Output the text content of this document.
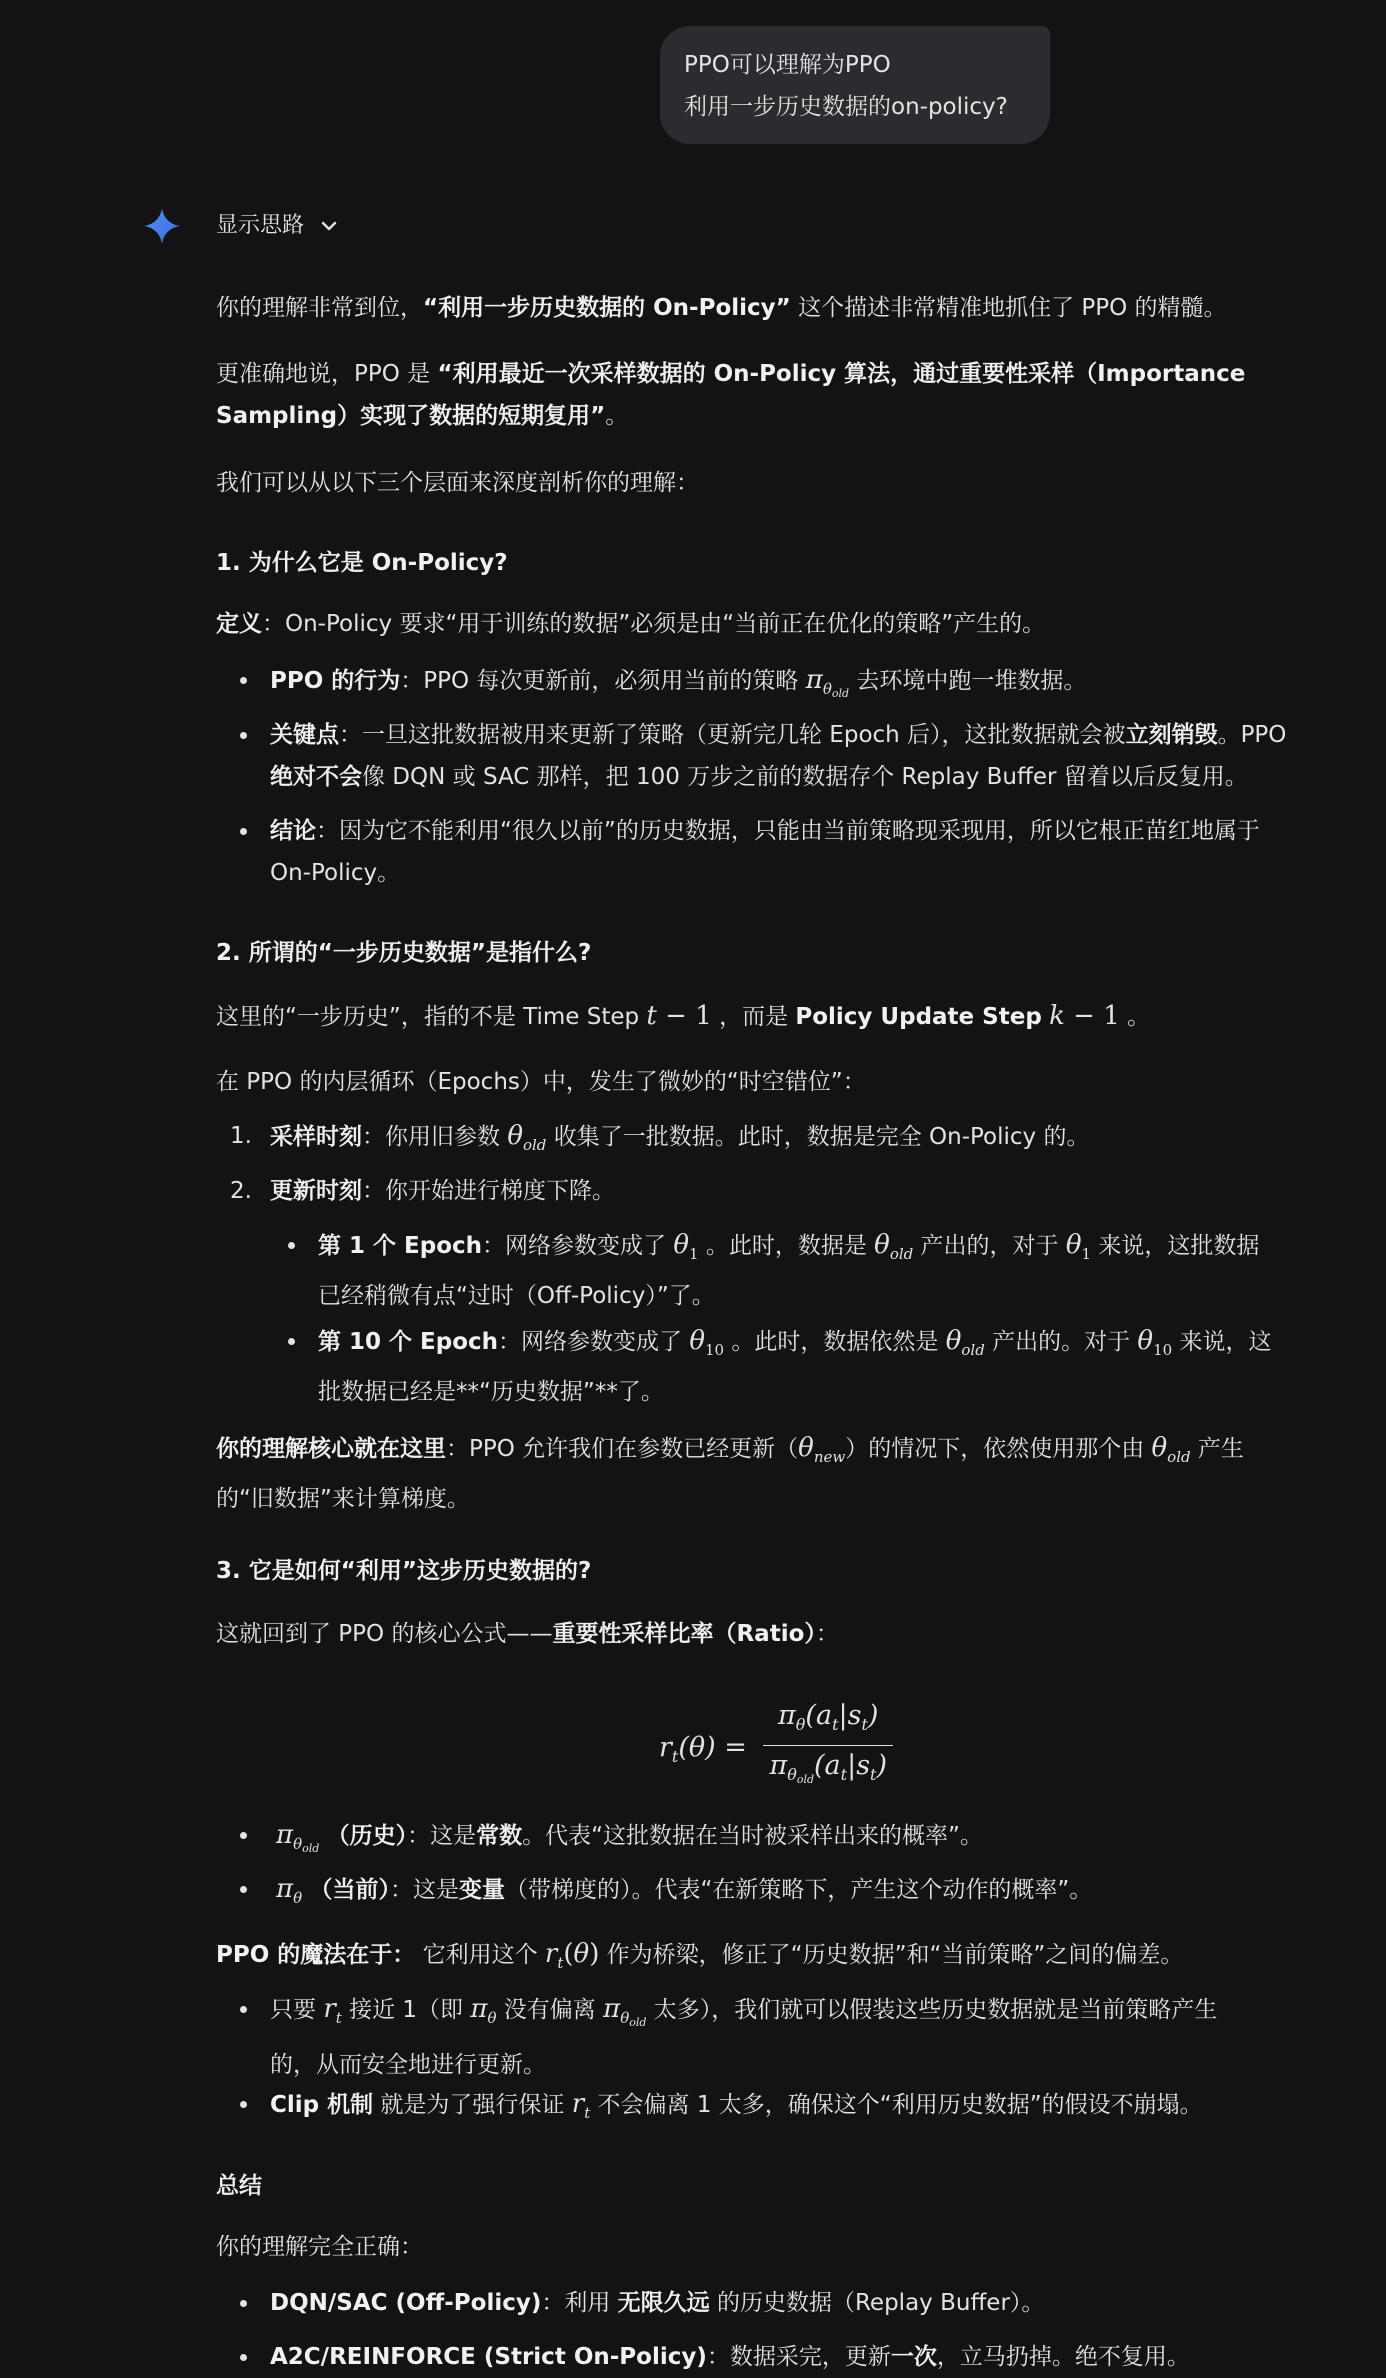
PPO可以理解为PPO
利用一步历史数据的on-policy?
显示思路
你的理解非常到位，“利用一步历史数据的 On-Policy” 这个描述非常精准地抓住了 PPO 的精髓。
更准确地说，PPO 是 “利用最近一次采样数据的 On-Policy 算法，通过重要性采样（Importance
Sampling）实现了数据的短期复用”。
我们可以从以下三个层面来深度剖析你的理解：
1. 为什么它是 On-Policy?
定义：On-Policy 要求“用于训练的数据”必须是由“当前正在优化的策略”产生的。
PPO 的行为：PPO 每次更新前，必须用当前的策略 $\pi_{\theta_{old}}$ 去环境中跑一堆数据。
关键点：一旦这批数据被用来更新了策略（更新完几轮 Epoch 后），这批数据就会被立刻销毁。PPO
绝对不会像 DQN 或 SAC 那样，把 100 万步之前的数据存个 Replay Buffer 留着以后反复用。
结论：因为它不能利用“很久以前”的历史数据，只能由当前策略现采现用，所以它根正苗红地属于
On-Policy。
2. 所谓的“一步历史数据”是指什么?
这里的“一步历史”，指的不是 Time Step t − 1 ，而是 Policy Update Step k − 1 。
在 PPO 的内层循环（Epochs）中，发生了微妙的“时空错位”：
1. 采样时刻：你用旧参数 $\theta_{old}$ 收集了一批数据。此时，数据是完全 On-Policy 的。
2. 更新时刻：你开始进行梯度下降。
第 1 个 Epoch：网络参数变成了 $\theta_1$ 。此时，数据是 $\theta_{old}$ 产出的，对于 $\theta_1$ 来说，这批数据
已经稍微有点“过时（Off-Policy）”了。
第 10 个 Epoch：网络参数变成了 $\theta_{10}$ 。此时，数据依然是 $\theta_{old}$ 产出的。对于 $\theta_{10}$ 来说，这
批数据已经是**“历史数据”**了。
你的理解核心就在这里：PPO 允许我们在参数已经更新$(\theta_{new})$的情况下，依然使用那个由 $\theta_{old}$ 产生
的“旧数据”来计算梯度。
3. 它是如何“利用”这步历史数据的?
这就回到了 PPO 的核心公式——重要性采样比率（Ratio）：
$r_t(\theta) = \frac{\pi_\theta(a_t|s_t)}{\pi_{\theta_{old}}(a_t|s_t)}$
$\pi_{\theta_{old}}$ （历史）：这是常数。代表“这批数据在当时被采样出来的概率”。
$\pi_\theta$ （当前）：这是变量（带梯度的）。代表“在新策略下，产生这个动作的概率”。
PPO 的魔法在于： 它利用这个 $r_t(\theta)$ 作为桥梁，修正了“历史数据”和“当前策略”之间的偏差。
只要 $r_t$ 接近 1（即 $\pi_\theta$ 没有偏离 $\pi_{\theta_{old}}$ 太多），我们就可以假装这些历史数据就是当前策略产生
的，从而安全地进行更新。
Clip 机制 就是为了强行保证 $r_t$ 不会偏离 1 太多，确保这个“利用历史数据”的假设不崩塌。
总结
你的理解完全正确：
DQN/SAC (Off-Policy)：利用 无限久远 的历史数据（Replay Buffer）。
A2C/REINFORCE (Strict On-Policy)：数据采完，更新一次，立马扔掉。绝不复用。
